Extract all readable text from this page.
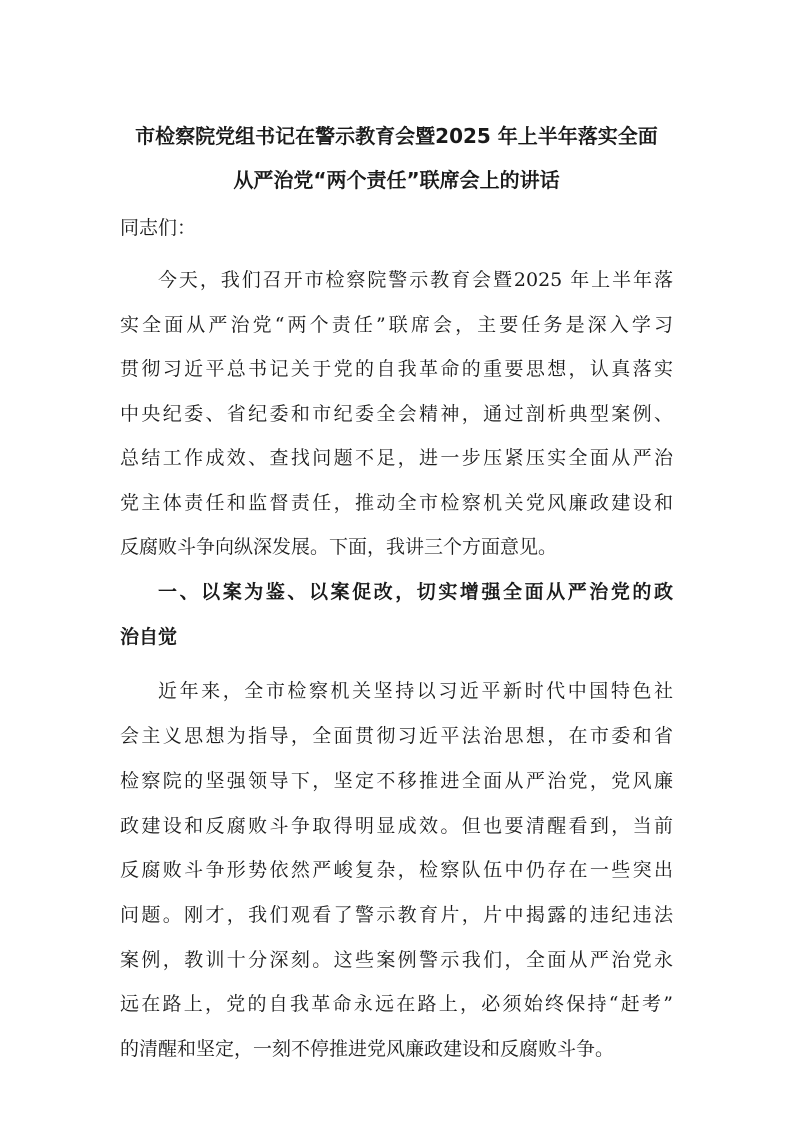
市检察院党组书记在警示教育会暨2025 年上半年落实全面
从严治党“两个责任”联席会上的讲话
同志们：
今天，我们召开市检察院警示教育会暨2025 年上半年落
实全面从严治党“两个责任”联席会，主要任务是深入学习
贯彻习近平总书记关于党的自我革命的重要思想，认真落实
中央纪委、省纪委和市纪委全会精神，通过剖析典型案例、
总结工作成效、查找问题不足，进一步压紧压实全面从严治
党主体责任和监督责任，推动全市检察机关党风廉政建设和
反腐败斗争向纵深发展。下面，我讲三个方面意见。
一、以案为鉴、以案促改，切实增强全面从严治党的政
治自觉
近年来，全市检察机关坚持以习近平新时代中国特色社
会主义思想为指导，全面贯彻习近平法治思想，在市委和省
检察院的坚强领导下，坚定不移推进全面从严治党，党风廉
政建设和反腐败斗争取得明显成效。但也要清醒看到，当前
反腐败斗争形势依然严峻复杂，检察队伍中仍存在一些突出
问题。刚才，我们观看了警示教育片，片中揭露的违纪违法
案例，教训十分深刻。这些案例警示我们，全面从严治党永
远在路上，党的自我革命永远在路上，必须始终保持“赶考”
的清醒和坚定，一刻不停推进党风廉政建设和反腐败斗争。
